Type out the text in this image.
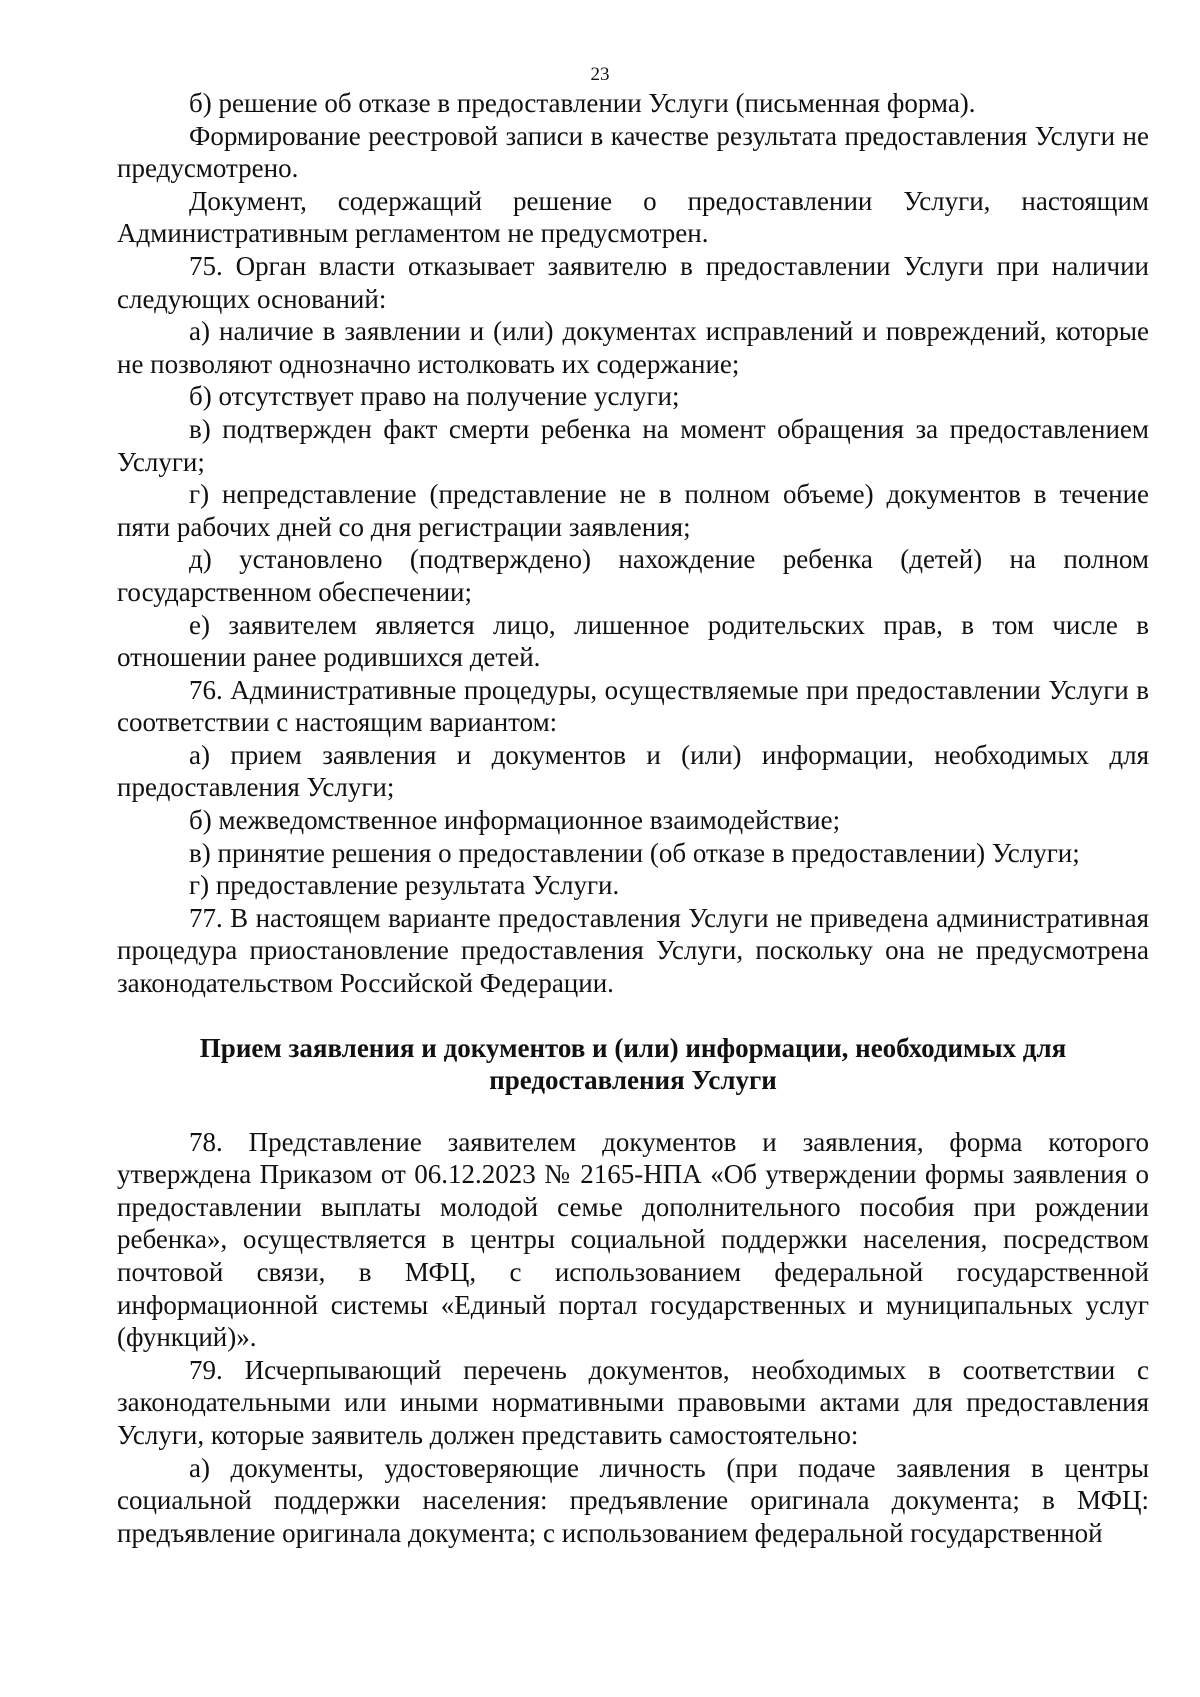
23

б) решение об отказе в предоставлении Услуги (письменная форма).

Формирование реестровой записи в качестве результата предоставления Услуги не предусмотрено.

Документ, содержащий решение о предоставлении Услуги, настоящим Административным регламентом не предусмотрен.

75. Орган власти отказывает заявителю в предоставлении Услуги при наличии следующих оснований:

а) наличие в заявлении и (или) документах исправлений и повреждений, которые не позволяют однозначно истолковать их содержание;

б) отсутствует право на получение услуги;

в) подтвержден факт смерти ребенка на момент обращения за предоставлением Услуги;

г) непредставление (представление не в полном объеме) документов в течение пяти рабочих дней со дня регистрации заявления;

д) установлено (подтверждено) нахождение ребенка (детей) на полном государственном обеспечении;

е) заявителем является лицо, лишенное родительских прав, в том числе в отношении ранее родившихся детей.

76. Административные процедуры, осуществляемые при предоставлении Услуги в соответствии с настоящим вариантом:

а) прием заявления и документов и (или) информации, необходимых для предоставления Услуги;

б) межведомственное информационное взаимодействие;

в) принятие решения о предоставлении (об отказе в предоставлении) Услуги;

г) предоставление результата Услуги.

77. В настоящем варианте предоставления Услуги не приведена административная процедура приостановление предоставления Услуги, поскольку она не предусмотрена законодательством Российской Федерации.

Прием заявления и документов и (или) информации, необходимых для
предоставления Услуги

78. Представление заявителем документов и заявления, форма которого утверждена Приказом от 06.12.2023 № 2165-НПА «Об утверждении формы заявления о предоставлении выплаты молодой семье дополнительного пособия при рождении ребенка», осуществляется в центры социальной поддержки населения, посредством почтовой связи, в МФЦ, с использованием федеральной государственной информационной системы «Единый портал государственных и муниципальных услуг (функций)».

79. Исчерпывающий перечень документов, необходимых в соответствии с законодательными или иными нормативными правовыми актами для предоставления Услуги, которые заявитель должен представить самостоятельно:

а) документы, удостоверяющие личность (при подаче заявления в центры социальной поддержки населения: предъявление оригинала документа; в МФЦ: предъявление оригинала документа; с использованием федеральной государственной
